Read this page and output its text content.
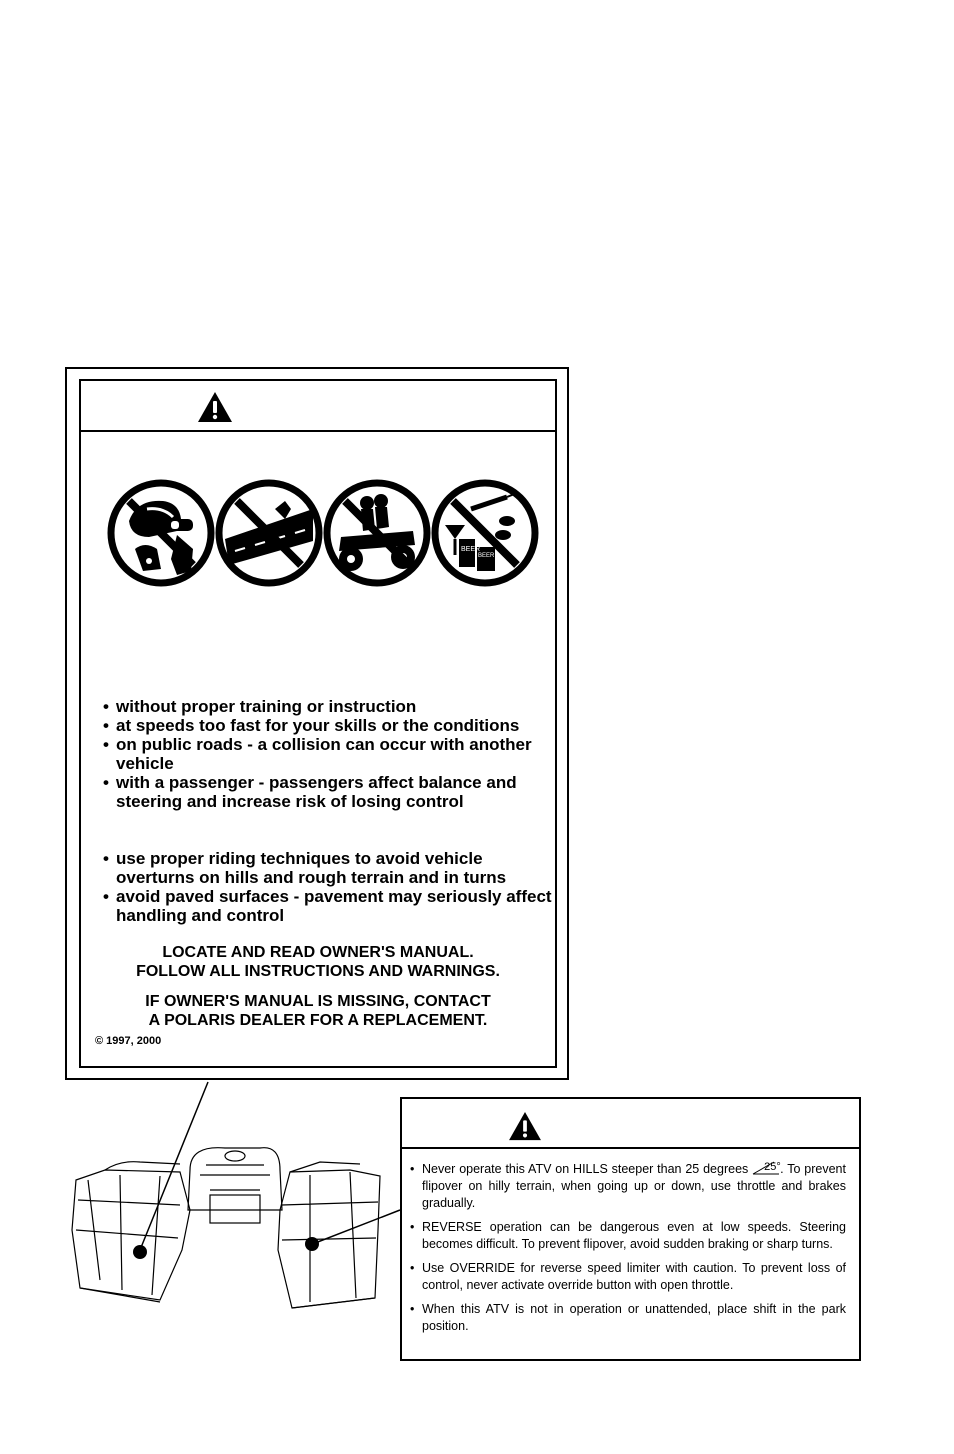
BEER
BEER
• without proper training or instruction
• at speeds too fast for your skills or the conditions
• on public roads - a collision can occur with another vehicle
• with a passenger - passengers affect balance and steering and increase risk of losing control
• use proper riding techniques to avoid vehicle overturns on hills and rough terrain and in turns
• avoid paved surfaces - pavement may seriously affect handling and control
LOCATE AND READ OWNER'S MANUAL.
FOLLOW ALL INSTRUCTIONS AND WARNINGS.
IF OWNER'S MANUAL IS MISSING, CONTACT
A POLARIS DEALER FOR A REPLACEMENT.
© 1997, 2000
• Never operate this ATV on HILLS steeper than 25 degrees 25° . To prevent flipover on hilly terrain, when going up or down, use throttle and brakes gradually.
• REVERSE operation can be dangerous even at low speeds. Steering becomes difficult. To prevent flipover, avoid sudden braking or sharp turns.
• Use OVERRIDE for reverse speed limiter with caution. To prevent loss of control, never activate override button with open throttle.
• When this ATV is not in operation or unattended, place shift in the park position.
